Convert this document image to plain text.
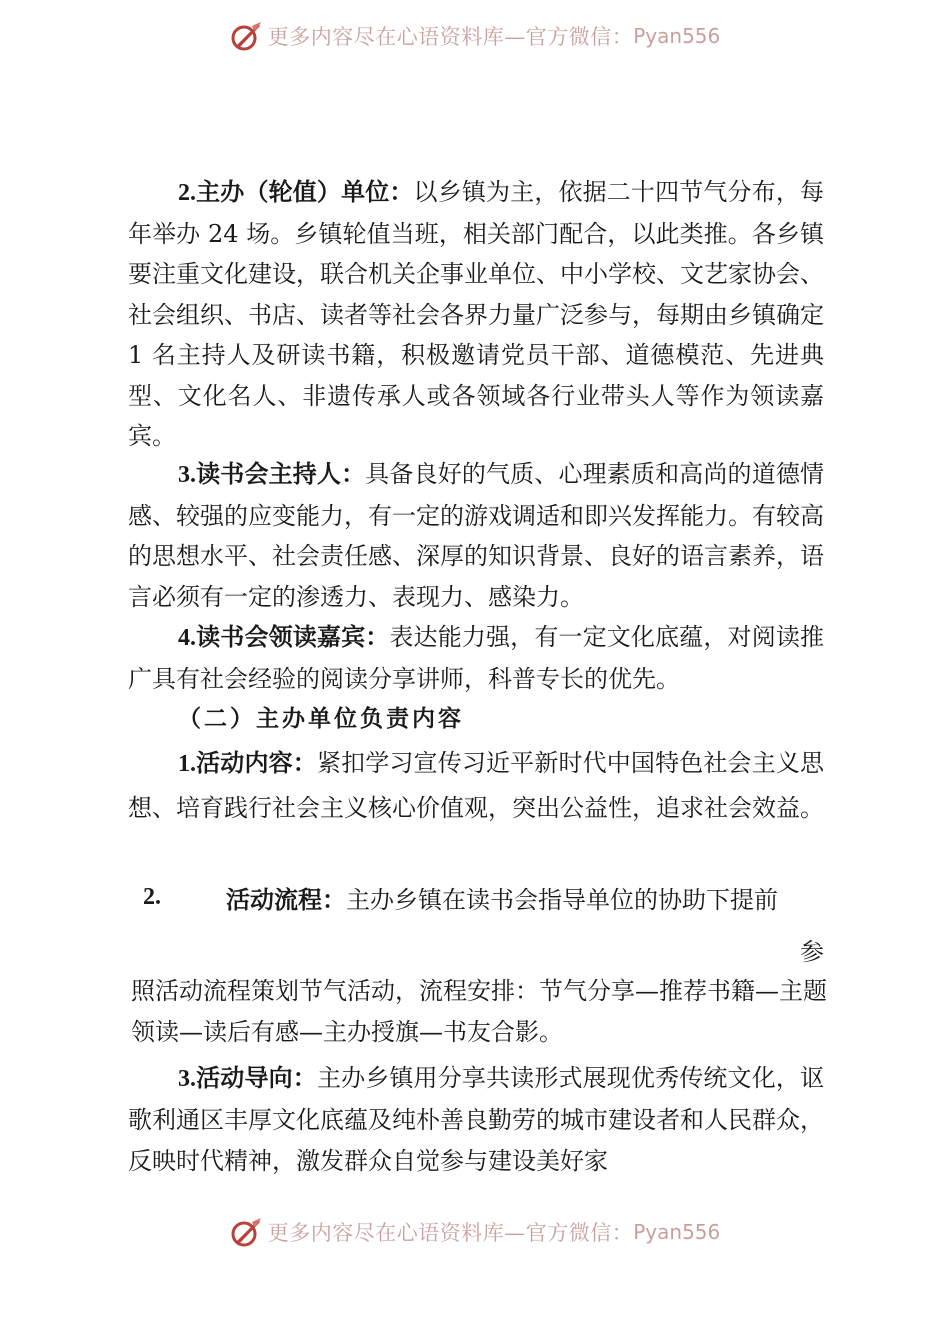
更多内容尽在心语资料库—官方微信： Pyan556
2.主办（轮值）单位：以乡镇为主，依据二十四节气分布，每年举办 24 场。乡镇轮值当班，相关部门配合，以此类推。各乡镇要注重文化建设，联合机关企事业单位、中小学校、文艺家协会、社会组织、书店、读者等社会各界力量广泛参与，每期由乡镇确定 1 名主持人及研读书籍，积极邀请党员干部、道德模范、先进典型、文化名人、非遗传承人或各领域各行业带头人等作为领读嘉宾。
3.读书会主持人：具备良好的气质、心理素质和高尚的道德情感、较强的应变能力，有一定的游戏调适和即兴发挥能力。有较高的思想水平、社会责任感、深厚的知识背景、良好的语言素养，语言必须有一定的渗透力、表现力、感染力。
4.读书会领读嘉宾：表达能力强，有一定文化底蕴，对阅读推广具有社会经验的阅读分享讲师，科普专长的优先。
（二）主办单位负责内容
1.活动内容：紧扣学习宣传习近平新时代中国特色社会主义思想、培育践行社会主义核心价值观，突出公益性，追求社会效益。
2.	活动流程：主办乡镇在读书会指导单位的协助下提前
参
照活动流程策划节气活动，流程安排：节气分享—推荐书籍—主题领读—读后有感—主办授旗—书友合影。
3.活动导向：主办乡镇用分享共读形式展现优秀传统文化，讴歌利通区丰厚文化底蕴及纯朴善良勤劳的城市建设者和人民群众，反映时代精神，激发群众自觉参与建设美好家
更多内容尽在心语资料库—官方微信： Pyan556
